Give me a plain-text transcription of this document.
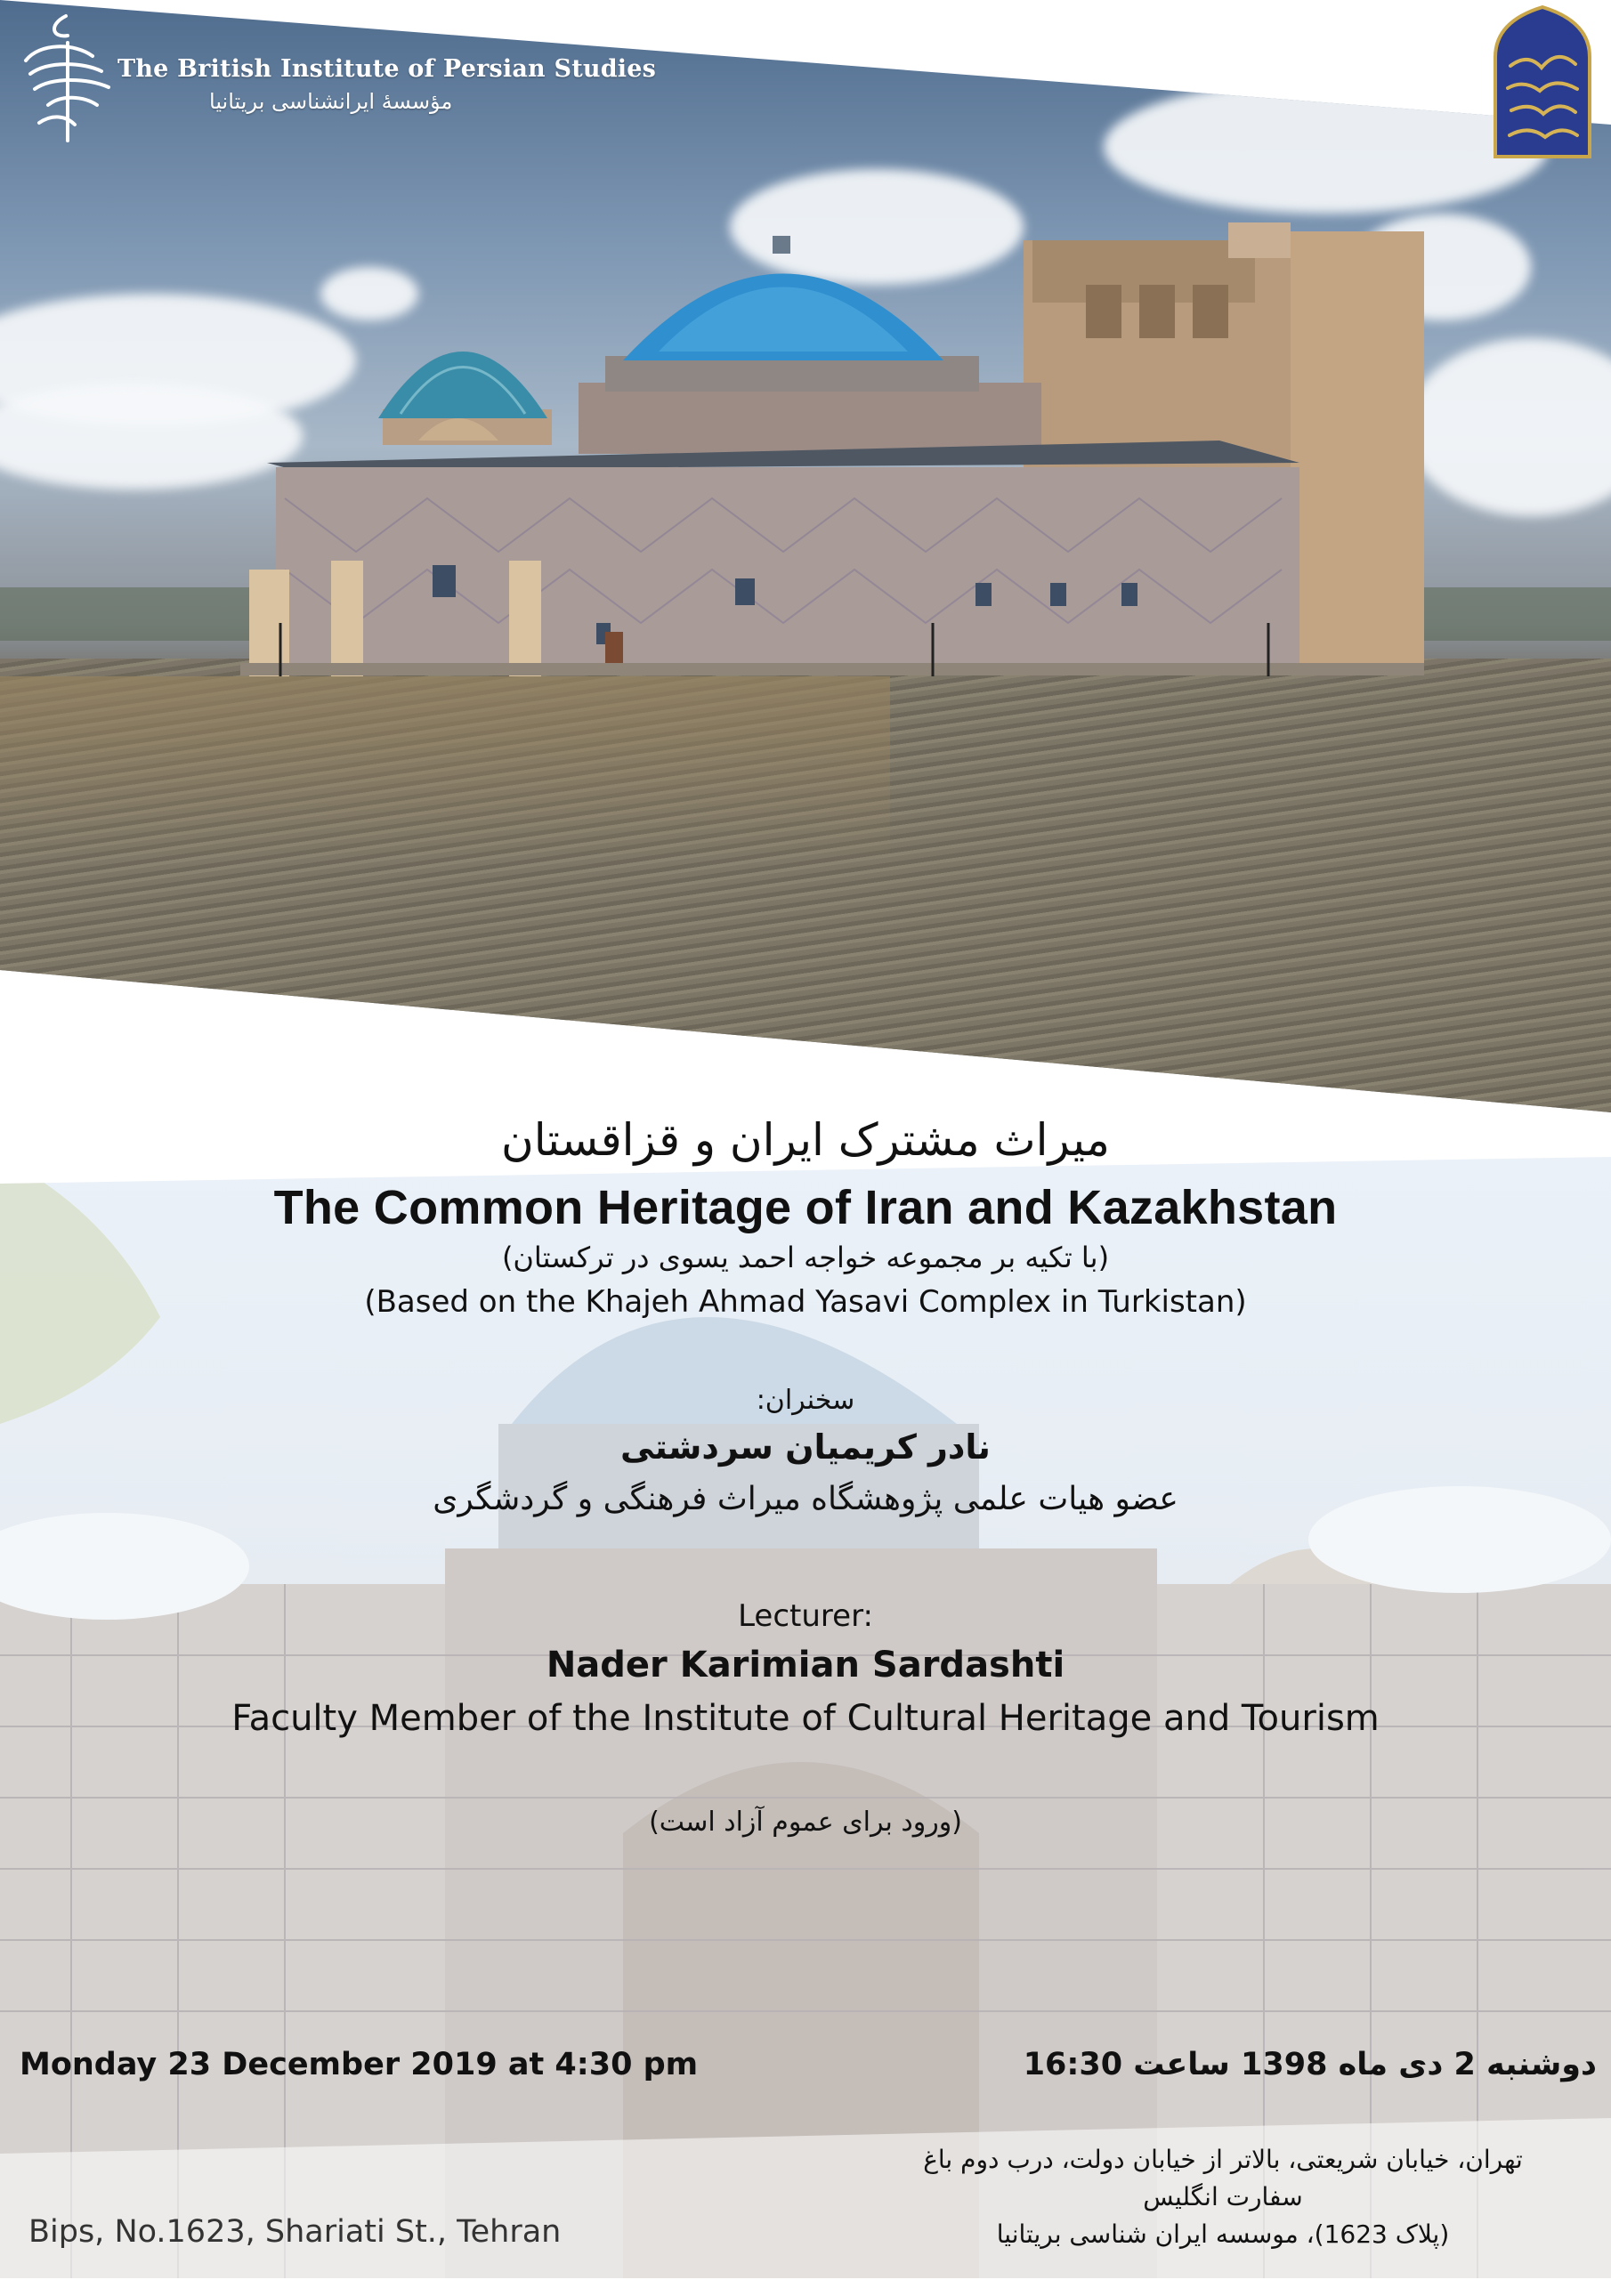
The British Institute of Persian Studies
مؤسسهٔ ایرانشناسی بریتانیا
میراث مشترک ایران و قزاقستان
The Common Heritage of Iran and Kazakhstan
(با تکیه بر مجموعه خواجه احمد یسوی در ترکستان)
(Based on the Khajeh Ahmad Yasavi Complex in Turkistan)
سخنران:
نادر کریمیان سردشتی
عضو هیات علمی پژوهشگاه میراث فرهنگی و گردشگری
Lecturer:
Nader Karimian Sardashti
Faculty Member of the Institute of Cultural Heritage and Tourism
(ورود برای عموم آزاد است)
Monday 23 December 2019 at 4:30 pm	دوشنبه 2 دی ماه 1398 ساعت 16:30
تهران، خیابان شریعتی، بالاتر از خیابان دولت، درب دوم باغ
سفارت انگلیس
(پلاک 1623)، موسسه ایران شناسی بریتانیا
Bips, No.1623, Shariati St., Tehran
